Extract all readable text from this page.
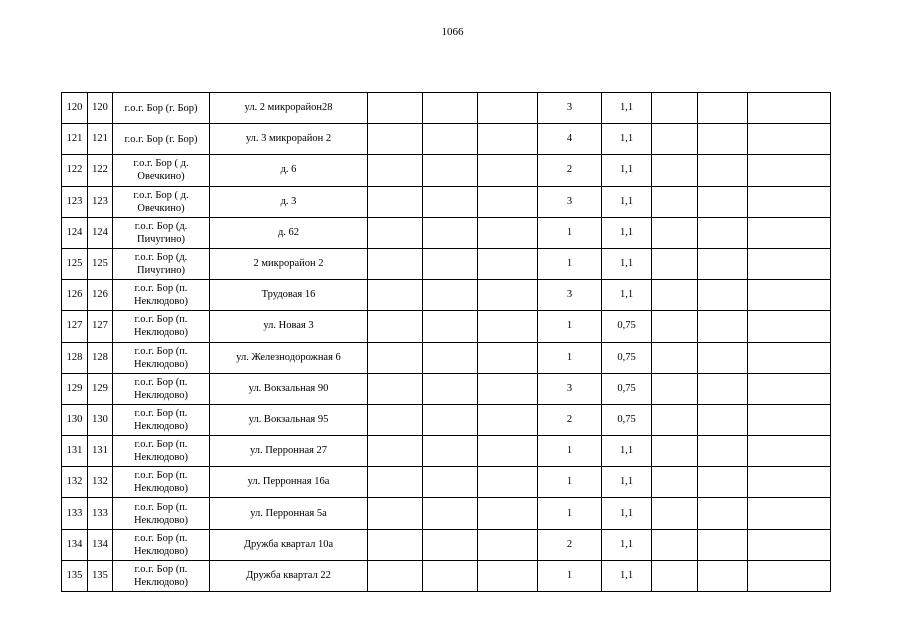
1066
120	120	г.о.г. Бор (г. Бор)	ул. 2 микрорайон28				3	1,1			
121	121	г.о.г. Бор (г. Бор)	ул. 3 микрорайон 2				4	1,1			
122	122	г.о.г. Бор ( д. Овечкино)	д. 6				2	1,1			
123	123	г.о.г. Бор ( д. Овечкино)	д. 3				3	1,1			
124	124	г.о.г. Бор (д. Пичугино)	д. 62				1	1,1			
125	125	г.о.г. Бор (д. Пичугино)	2 микрорайон 2				1	1,1			
126	126	г.о.г. Бор (п. Неклюдово)	Трудовая 16				3	1,1			
127	127	г.о.г. Бор (п. Неклюдово)	ул. Новая 3				1	0,75			
128	128	г.о.г. Бор (п. Неклюдово)	ул. Железнодорожная 6				1	0,75			
129	129	г.о.г. Бор (п. Неклюдово)	ул. Вокзальная 90				3	0,75			
130	130	г.о.г. Бор (п. Неклюдово)	ул. Вокзальная 95				2	0,75			
131	131	г.о.г. Бор (п. Неклюдово)	ул. Перронная 27				1	1,1			
132	132	г.о.г. Бор (п. Неклюдово)	ул. Перронная 16а				1	1,1			
133	133	г.о.г. Бор (п. Неклюдово)	ул. Перронная 5а				1	1,1			
134	134	г.о.г. Бор (п. Неклюдово)	Дружба квартал 10а				2	1,1			
135	135	г.о.г. Бор (п. Неклюдово)	Дружба квартал 22				1	1,1			
